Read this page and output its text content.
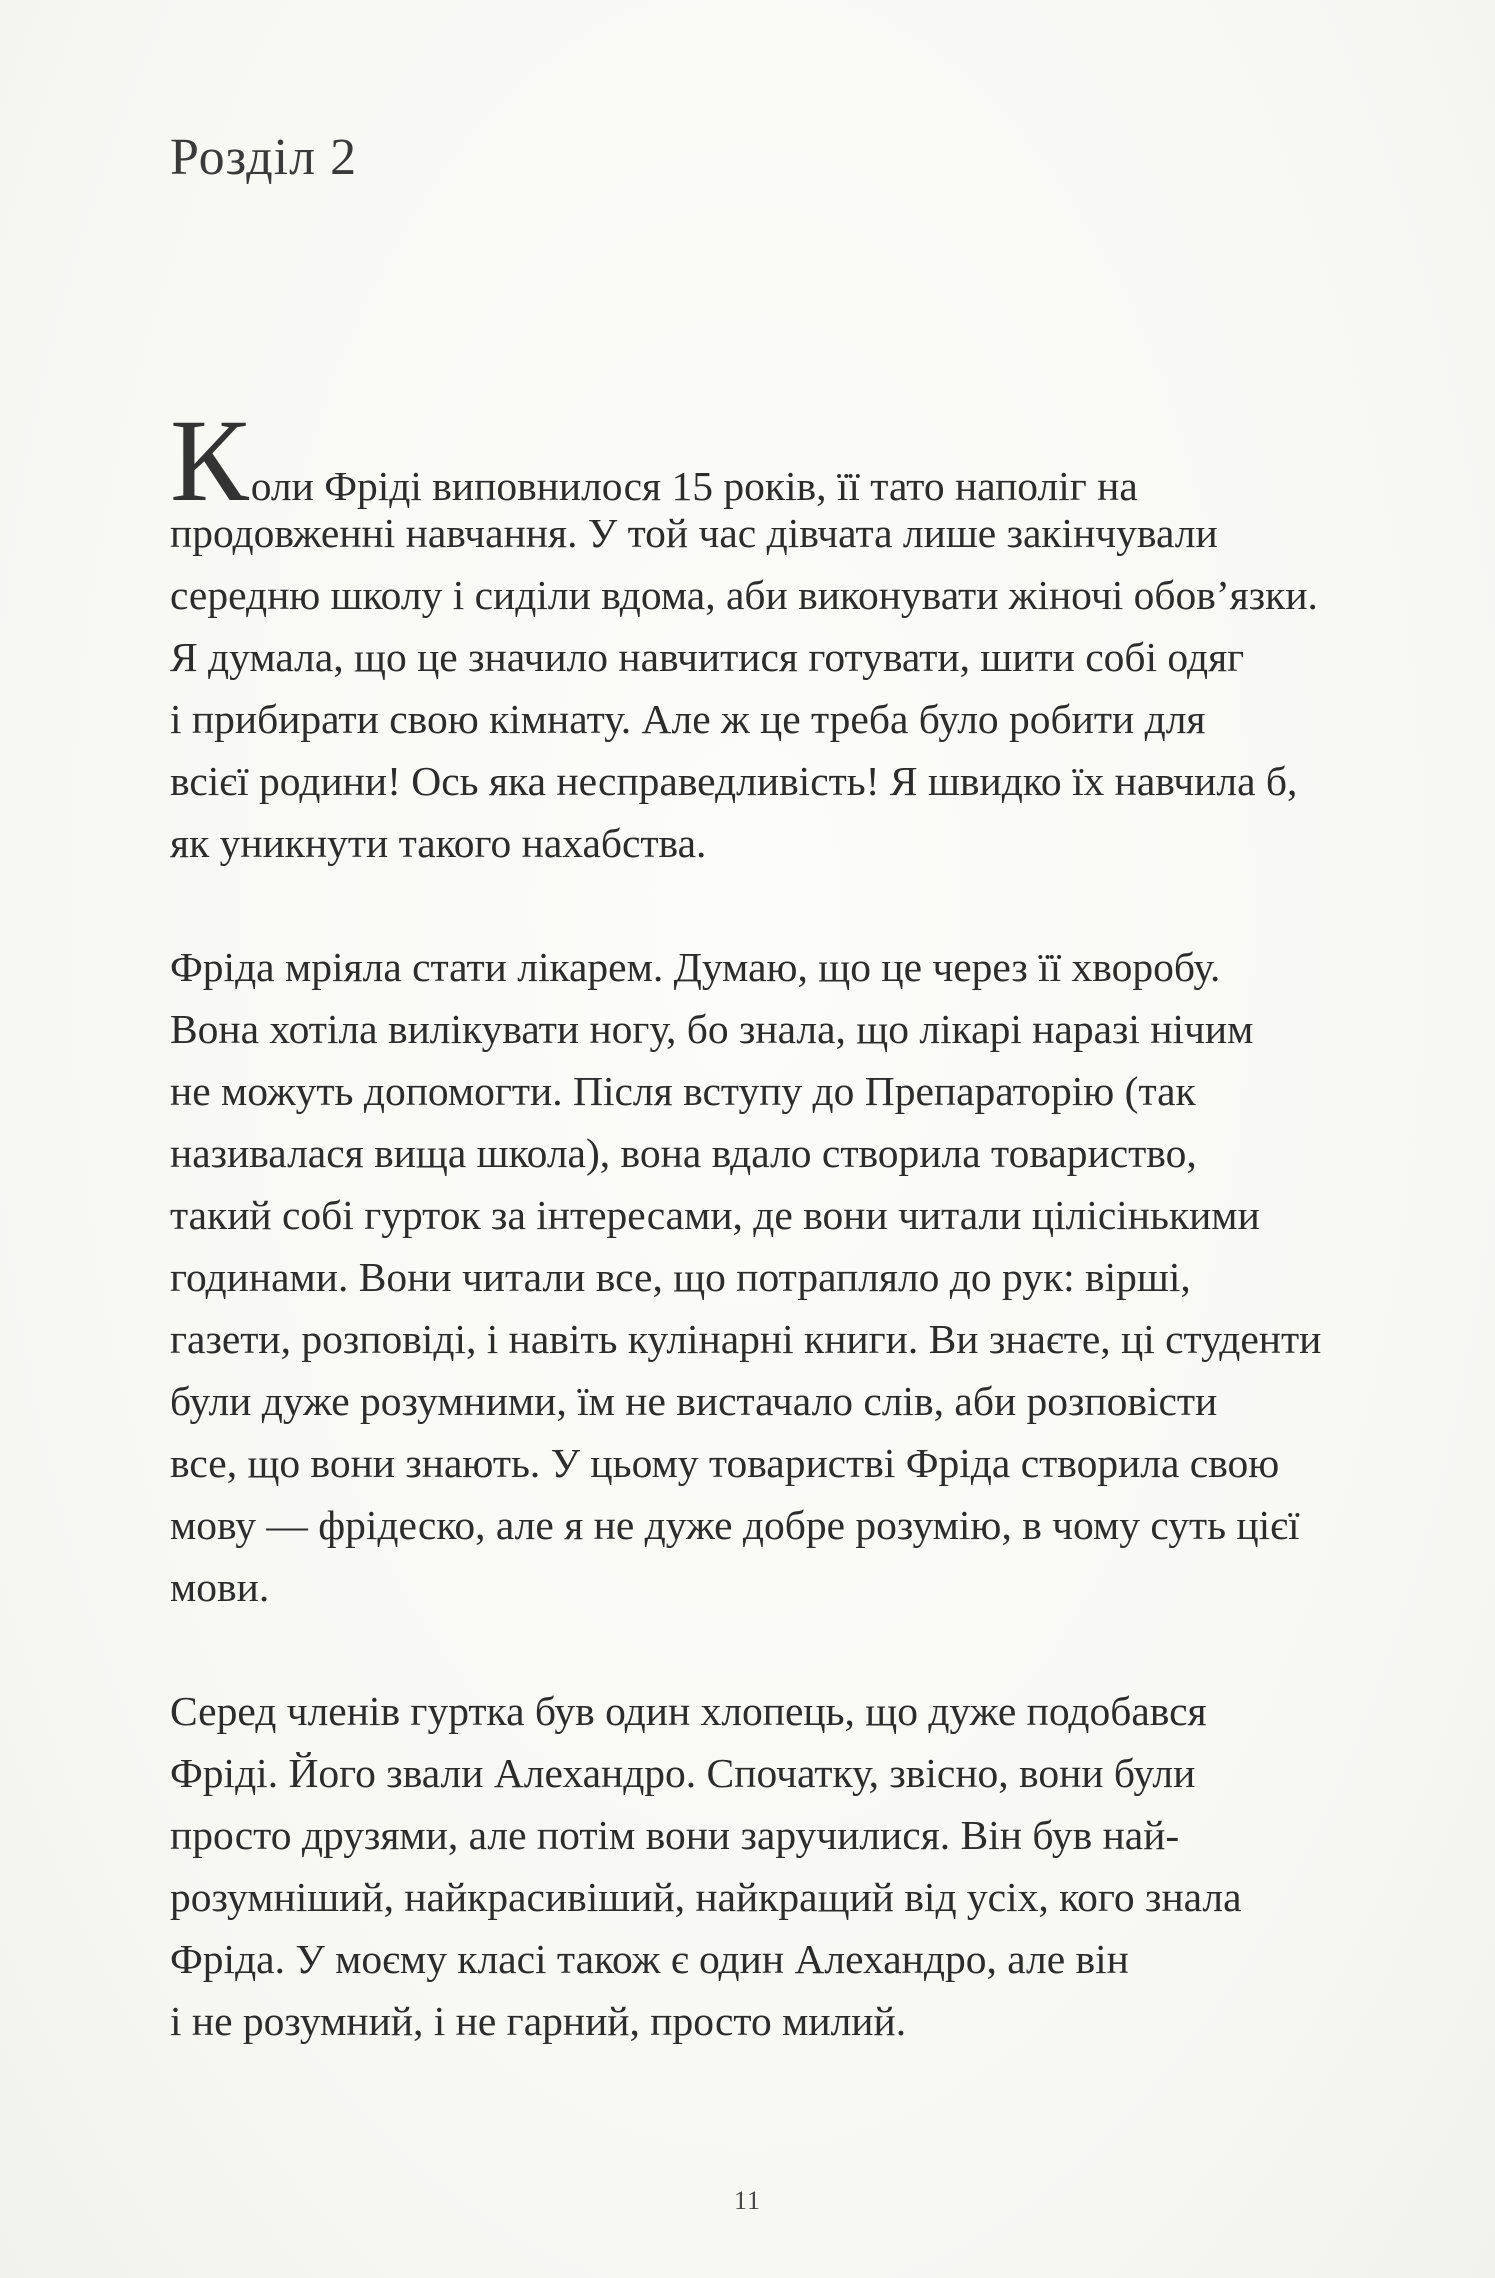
Розділ 2

Коли Фріді виповнилося 15 років, її тато наполіг на
продовженні навчання. У той час дівчата лише закінчували
середню школу і сиділи вдома, аби виконувати жіночі обов’язки.
Я думала, що це значило навчитися готувати, шити собі одяг
і прибирати свою кімнату. Але ж це треба було робити для
всієї родини! Ось яка несправедливість! Я швидко їх навчила б,
як уникнути такого нахабства.

Фріда мріяла стати лікарем. Думаю, що це через її хворобу.
Вона хотіла вилікувати ногу, бо знала, що лікарі наразі нічим
не можуть допомогти. Після вступу до Препараторію (так
називалася вища школа), вона вдало створила товариство,
такий собі гурток за інтересами, де вони читали цілісінькими
годинами. Вони читали все, що потрапляло до рук: вірші,
газети, розповіді, і навіть кулінарні книги. Ви знаєте, ці студенти
були дуже розумними, їм не вистачало слів, аби розповісти
все, що вони знають. У цьому товаристві Фріда створила свою
мову — фрідеско, але я не дуже добре розумію, в чому суть цієї
мови.

Серед членів гуртка був один хлопець, що дуже подобався
Фріді. Його звали Алехандро. Спочатку, звісно, вони були
просто друзями, але потім вони заручилися. Він був най-
розумніший, найкрасивіший, найкращий від усіх, кого знала
Фріда. У моєму класі також є один Алехандро, але він
і не розумний, і не гарний, просто милий.

11
